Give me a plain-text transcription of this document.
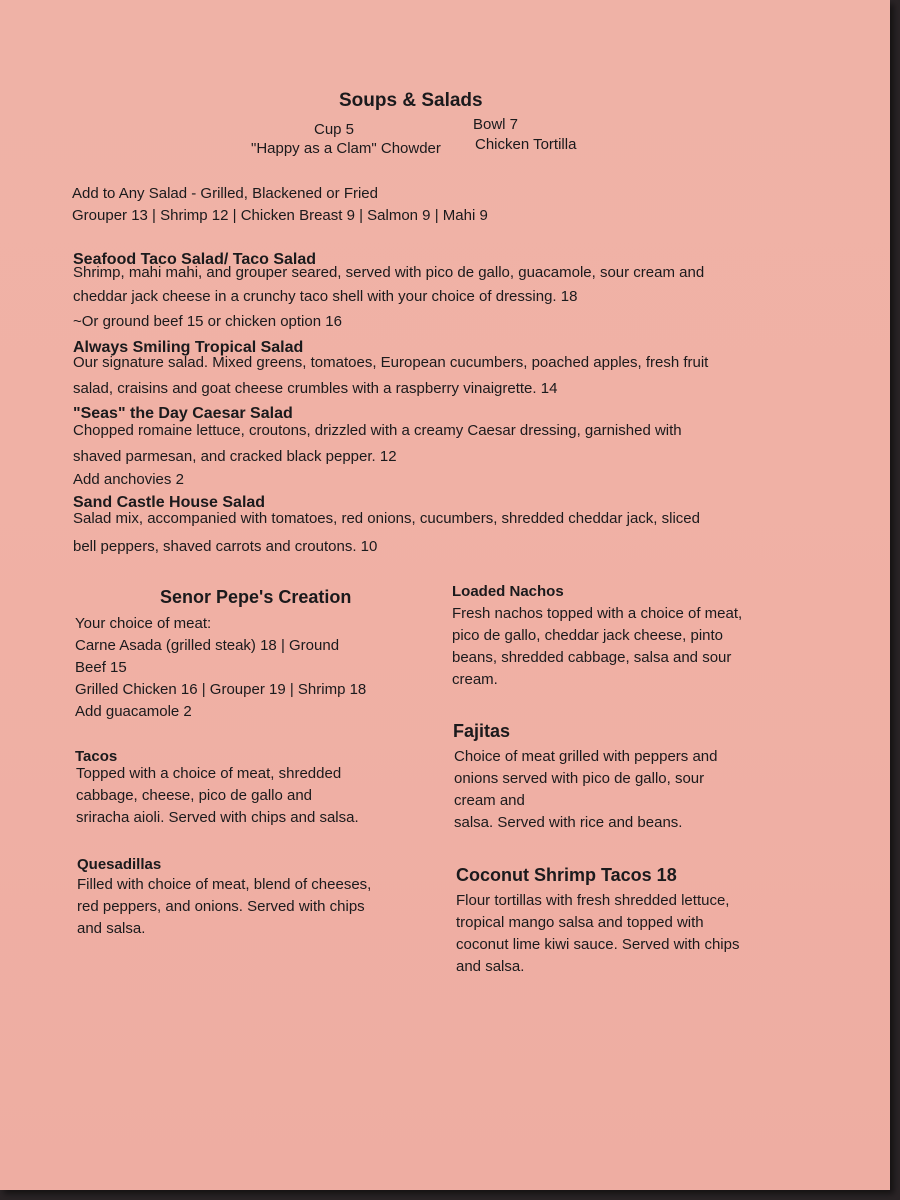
Soups & Salads
Cup 5	Bowl 7
"Happy as a Clam" Chowder Chicken Tortilla
Add to Any Salad - Grilled, Blackened or Fried
Grouper 13 | Shrimp 12 | Chicken Breast 9 | Salmon 9 | Mahi 9
Seafood Taco Salad/ Taco Salad
Shrimp, mahi mahi, and grouper seared, served with pico de gallo, guacamole, sour cream and
cheddar jack cheese in a crunchy taco shell with your choice of dressing. 18
~Or ground beef 15 or chicken option 16
Always Smiling Tropical Salad
Our signature salad. Mixed greens, tomatoes, European cucumbers, poached apples, fresh fruit
salad, craisins and goat cheese crumbles with a raspberry vinaigrette. 14
"Seas" the Day Caesar Salad
Chopped romaine lettuce, croutons, drizzled with a creamy Caesar dressing, garnished with
shaved parmesan, and cracked black pepper. 12
Add anchovies 2
Sand Castle House Salad
Salad mix, accompanied with tomatoes, red onions, cucumbers, shredded cheddar jack, sliced
bell peppers, shaved carrots and croutons. 10
Senor Pepe's Creation
Your choice of meat:
Carne Asada (grilled steak) 18 | Ground
Beef 15
Grilled Chicken 16 | Grouper 19 | Shrimp 18
Add guacamole 2
Tacos
Topped with a choice of meat, shredded
cabbage, cheese, pico de gallo and
sriracha aioli. Served with chips and salsa.
Quesadillas
Filled with choice of meat, blend of cheeses,
red peppers, and onions. Served with chips
and salsa.
Loaded Nachos
Fresh nachos topped with a choice of meat,
pico de gallo, cheddar jack cheese, pinto
beans, shredded cabbage, salsa and sour
cream.
Fajitas
Choice of meat grilled with peppers and
onions served with pico de gallo, sour
cream and
salsa. Served with rice and beans.
Coconut Shrimp Tacos 18
Flour tortillas with fresh shredded lettuce,
tropical mango salsa and topped with
coconut lime kiwi sauce. Served with chips
and salsa.
